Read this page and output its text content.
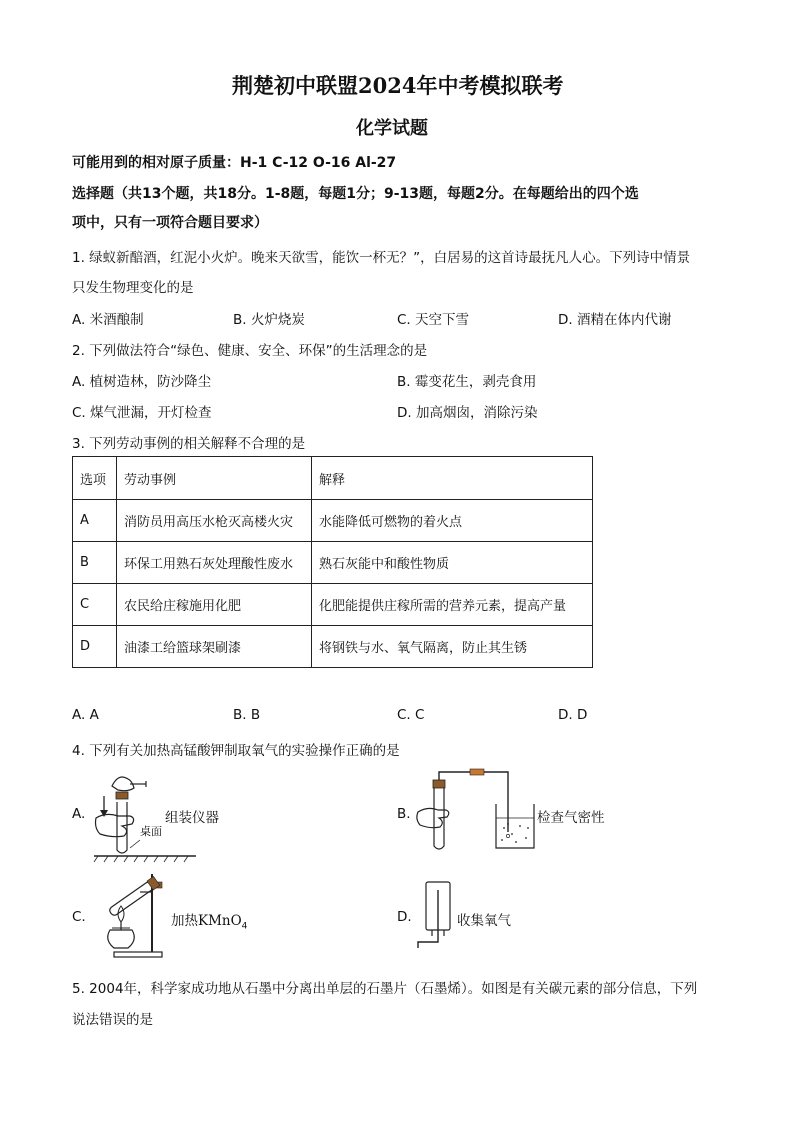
荆楚初中联盟2024年中考模拟联考
化学试题
可能用到的相对原子质量：H-1 C-12 O-16 Al-27
选择题（共13个题，共18分。1-8题，每题1分；9-13题，每题2分。在每题给出的四个选
项中，只有一项符合题目要求）
1. 绿蚁新醅酒，红泥小火炉。晚来天欲雪，能饮一杯无？”，白居易的这首诗最抚凡人心。下列诗中情景
只发生物理变化的是
A. 米酒酿制	B. 火炉烧炭	C. 天空下雪	D. 酒精在体内代谢
2. 下列做法符合“绿色、健康、安全、环保”的生活理念的是
A. 植树造林，防沙降尘	B. 霉变花生，剥壳食用
C. 煤气泄漏，开灯检查	D. 加高烟囱，消除污染
3. 下列劳动事例的相关解释不合理的是
选项	劳动事例	解释
A	消防员用高压水枪灭高楼火灾	水能降低可燃物的着火点
B	环保工用熟石灰处理酸性废水	熟石灰能中和酸性物质
C	农民给庄稼施用化肥	化肥能提供庄稼所需的营养元素，提高产量
D	油漆工给篮球架刷漆	将钢铁与水、氧气隔离，防止其生锈
A. A	B. B	C. C	D. D
4. 下列有关加热高锰酸钾制取氧气的实验操作正确的是
A.
桌面
组装仪器	B.	检查气密性
C.	加热KMnO$_4$
D.	收集氧气
5. 2004年，科学家成功地从石墨中分离出单层的石墨片（石墨烯）。如图是有关碳元素的部分信息，下列
说法错误的是
